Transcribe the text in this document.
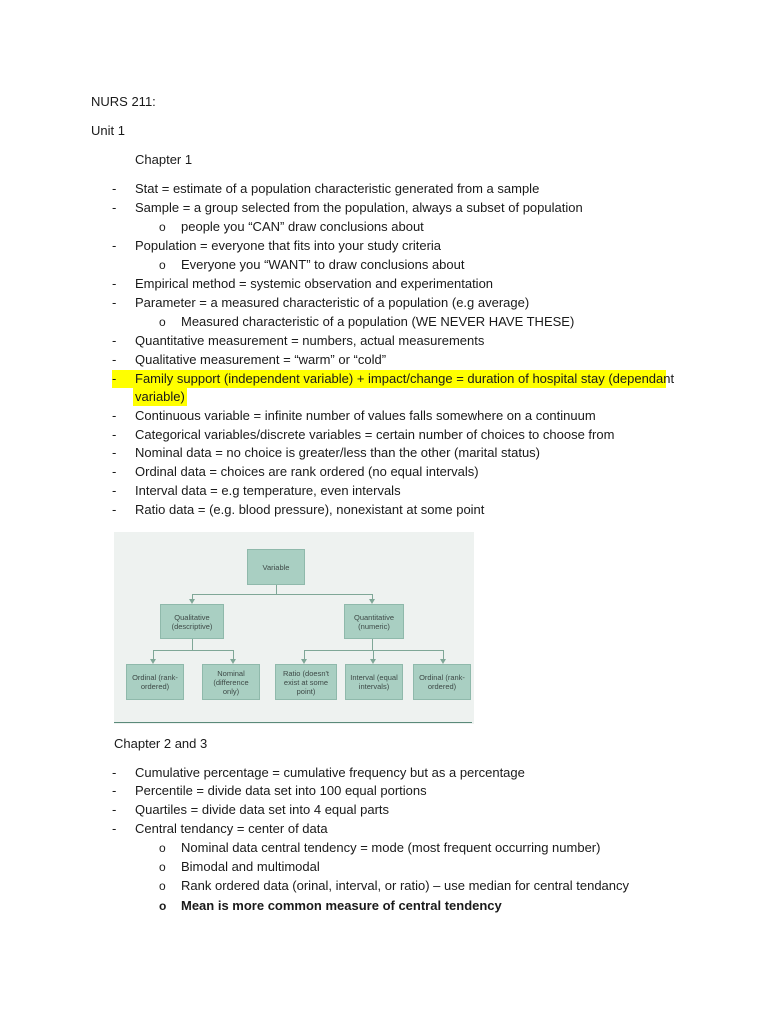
NURS 211:
Unit 1
Chapter 1
-	Stat = estimate of a population characteristic generated from a sample
-	Sample = a group selected from the population, always a subset of population
o people you “CAN” draw conclusions about
-	Population = everyone that fits into your study criteria
o Everyone you “WANT” to draw conclusions about
-	Empirical method = systemic observation and experimentation
-	Parameter = a measured characteristic of a population (e.g average)
o Measured characteristic of a population (WE NEVER HAVE THESE)
-	Quantitative measurement = numbers, actual measurements
-	Qualitative measurement = “warm” or “cold”
-	Family support (independent variable) + impact/change = duration of hospital stay (dependant
variable)
-	Continuous variable = infinite number of values falls somewhere on a continuum
-	Categorical variables/discrete variables = certain number of choices to choose from
-	Nominal data = no choice is greater/less than the other (marital status)
-	Ordinal data = choices are rank ordered (no equal intervals)
-	Interval data = e.g temperature, even intervals
-	Ratio data = (e.g. blood pressure), nonexistant at some point
Variable
Qualitative (descriptive)
Quantitative (numeric)
Ordinal (rank-ordered)
Nominal (difference only)
Ratio (doesn't exist at some point)
Interval (equal intervals)
Ordinal (rank-ordered)
Chapter 2 and 3
-	Cumulative percentage = cumulative frequency but as a percentage
-	Percentile = divide data set into 100 equal portions
-	Quartiles = divide data set into 4 equal parts
-	Central tendancy = center of data
o Nominal data central tendency = mode (most frequent occurring number)
o Bimodal and multimodal
o Rank ordered data (orinal, interval, or ratio) – use median for central tendancy
o Mean is more common measure of central tendency
